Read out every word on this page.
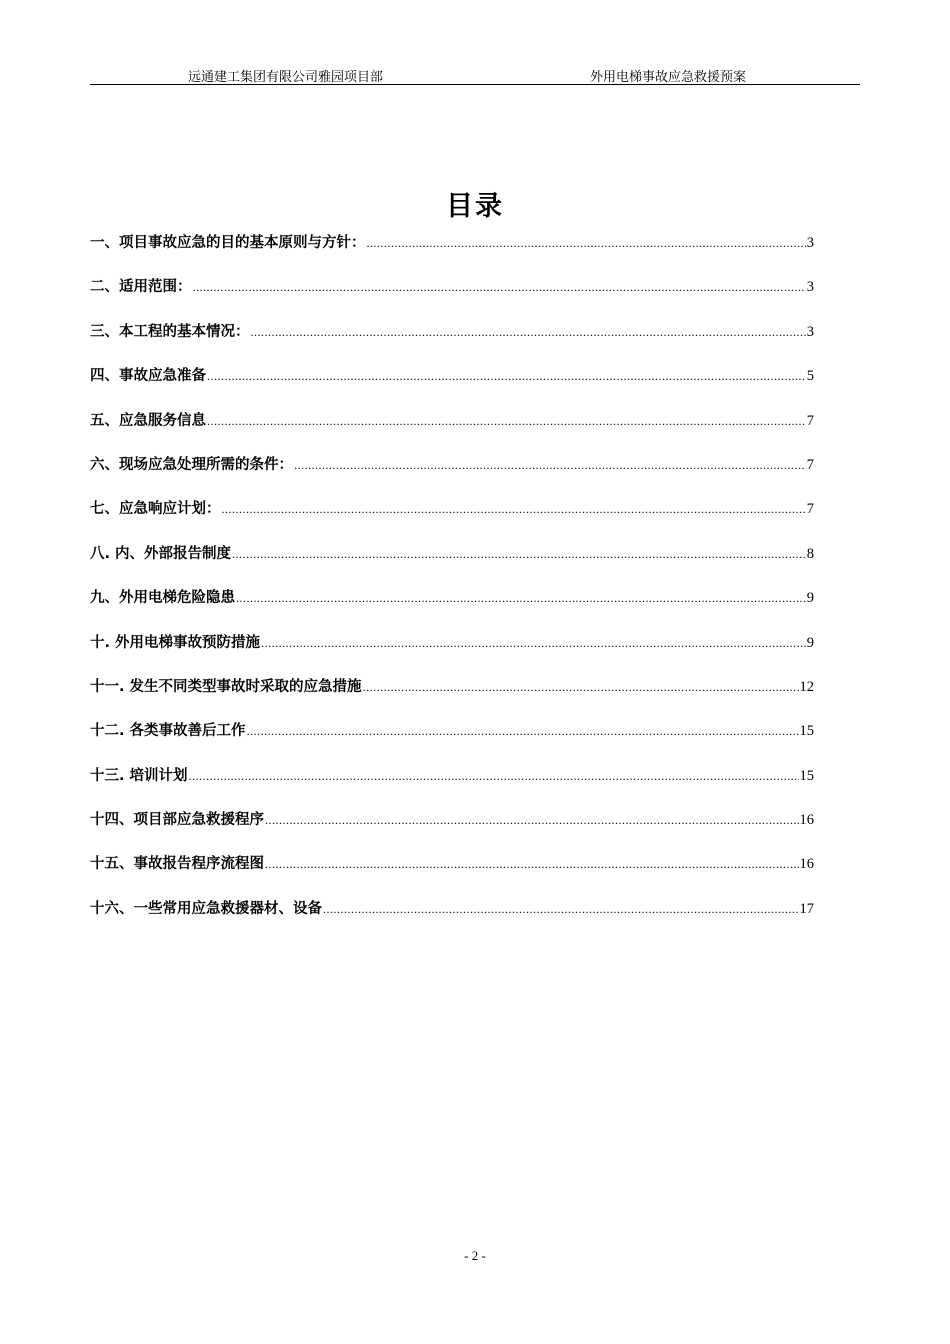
远通建工集团有限公司雅园项目部	外用电梯事故应急救援预案
目录
一、项目事故应急的目的基本原则与方针： .....	3
二、适用范围： .....	3
三、本工程的基本情况： .....	3
四、事故应急准备 .....	5
五、应急服务信息 .....	7
六、现场应急处理所需的条件： .....	7
七、应急响应计划： .....	7
八. 内、外部报告制度 .....	8
九、外用电梯危险隐患 .....	9
十. 外用电梯事故预防措施 .....	9
十一. 发生不同类型事故时采取的应急措施 .....	12
十二. 各类事故善后工作 .....	15
十三. 培训计划 .....	15
十四、项目部应急救援程序 .....	16
十五、事故报告程序流程图 .....	16
十六、一些常用应急救援器材、设备 .....	17
- 2 -
